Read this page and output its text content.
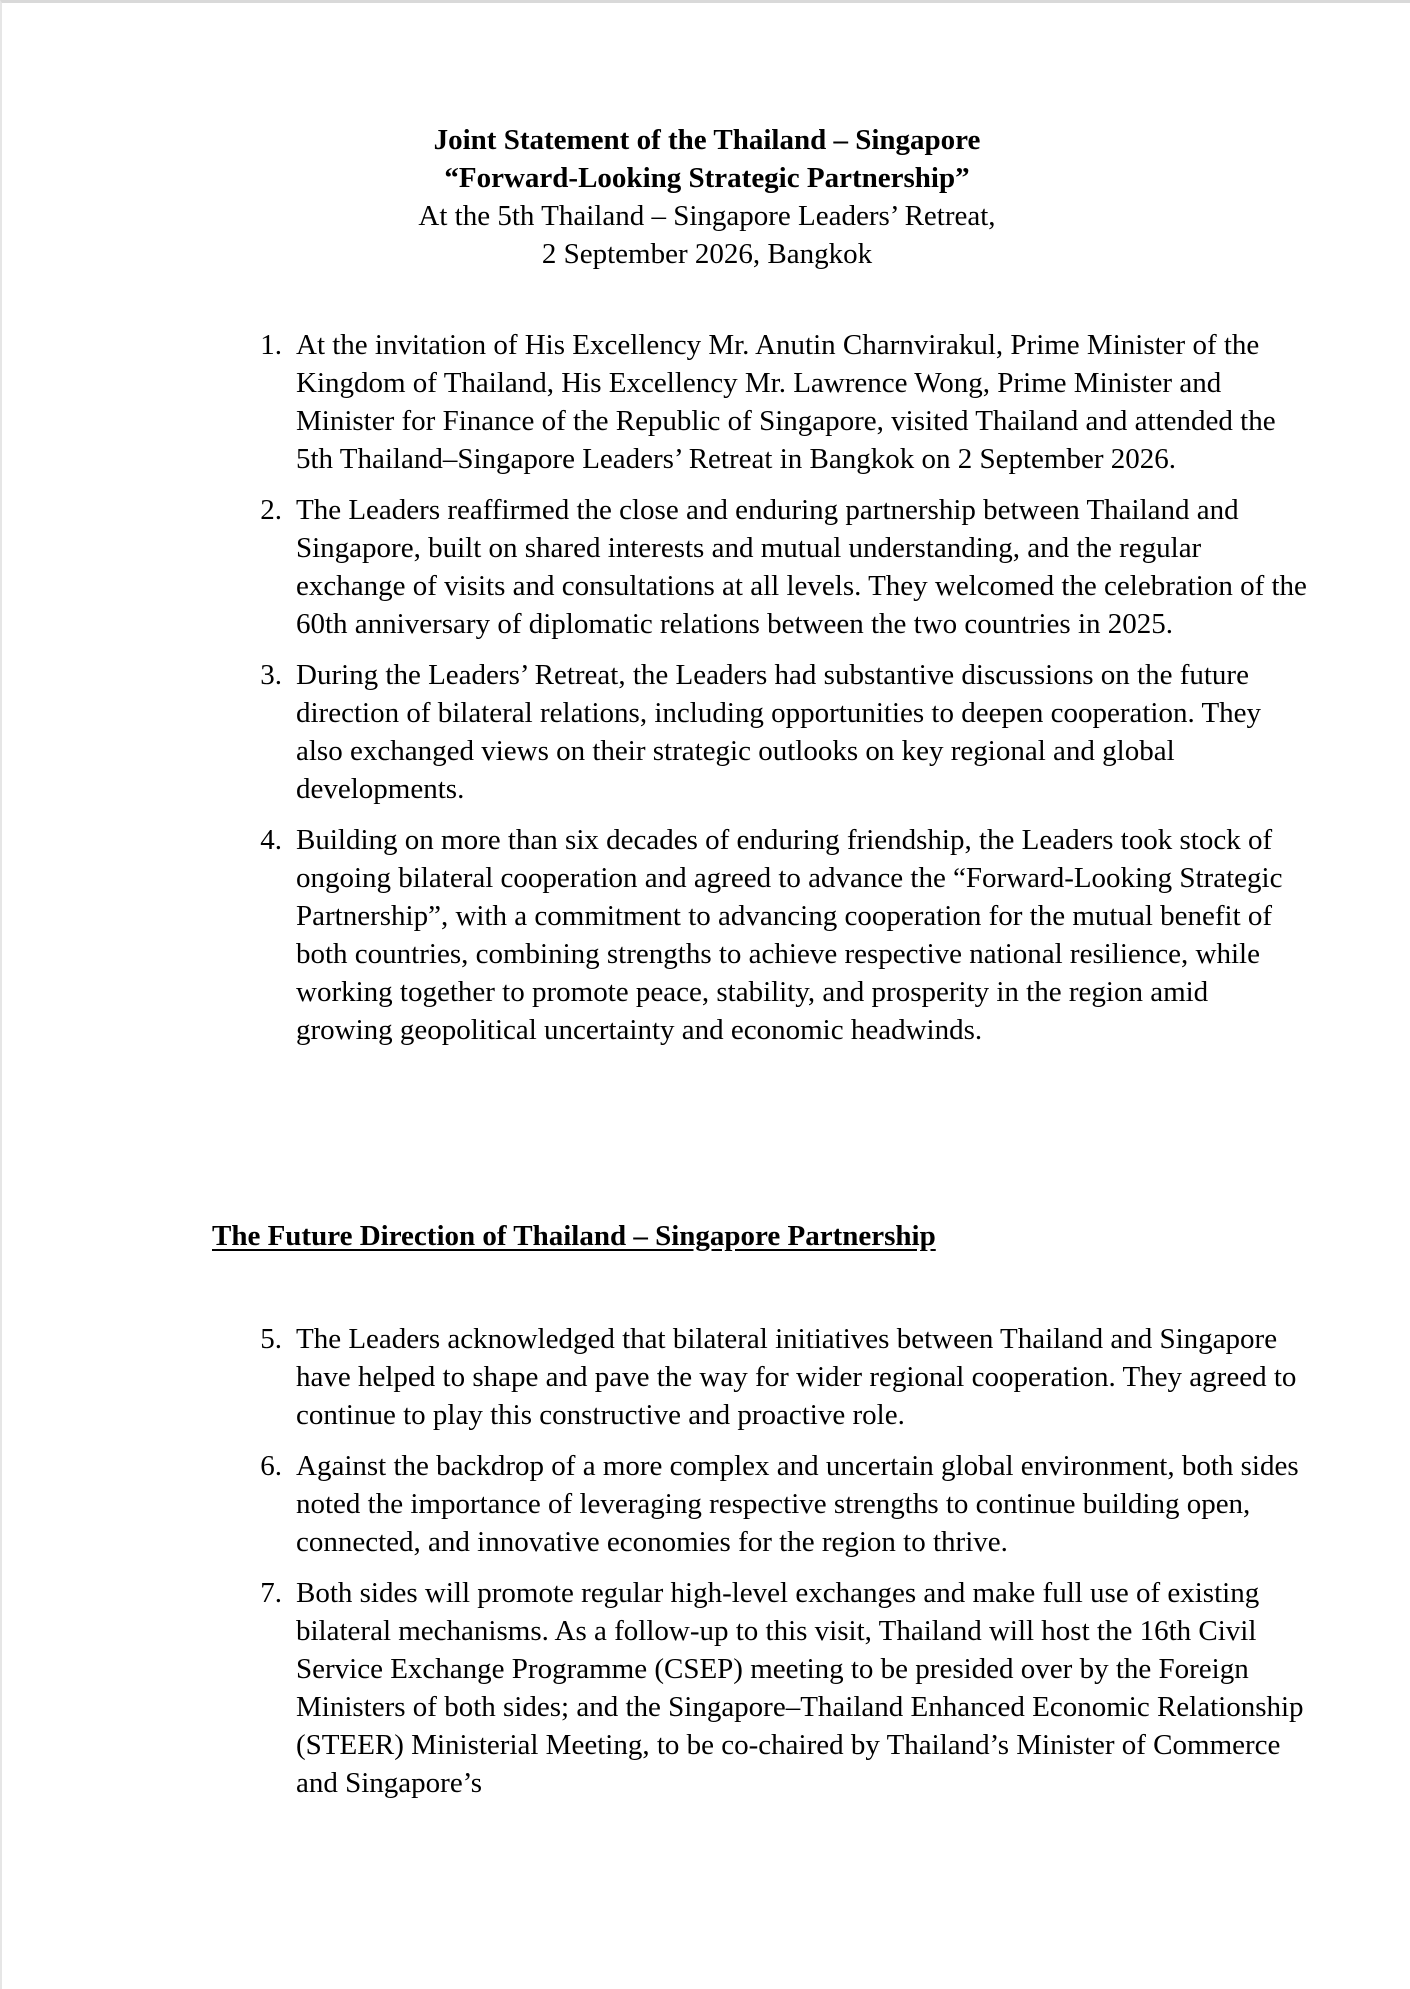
Joint Statement of the Thailand – Singapore
“Forward-Looking Strategic Partnership”
At the 5th Thailand – Singapore Leaders’ Retreat,
2 September 2026, Bangkok
1. At the invitation of His Excellency Mr. Anutin Charnvirakul, Prime Minister of the Kingdom of Thailand, His Excellency Mr. Lawrence Wong, Prime Minister and Minister for Finance of the Republic of Singapore, visited Thailand and attended the 5th Thailand–Singapore Leaders’ Retreat in Bangkok on 2 September 2026.
2. The Leaders reaffirmed the close and enduring partnership between Thailand and Singapore, built on shared interests and mutual understanding, and the regular exchange of visits and consultations at all levels. They welcomed the celebration of the 60th anniversary of diplomatic relations between the two countries in 2025.
3. During the Leaders’ Retreat, the Leaders had substantive discussions on the future direction of bilateral relations, including opportunities to deepen cooperation. They also exchanged views on their strategic outlooks on key regional and global developments.
4. Building on more than six decades of enduring friendship, the Leaders took stock of ongoing bilateral cooperation and agreed to advance the “Forward-Looking Strategic Partnership”, with a commitment to advancing cooperation for the mutual benefit of both countries, combining strengths to achieve respective national resilience, while working together to promote peace, stability, and prosperity in the region amid growing geopolitical uncertainty and economic headwinds.
The Future Direction of Thailand – Singapore Partnership
5. The Leaders acknowledged that bilateral initiatives between Thailand and Singapore have helped to shape and pave the way for wider regional cooperation. They agreed to continue to play this constructive and proactive role.
6. Against the backdrop of a more complex and uncertain global environment, both sides noted the importance of leveraging respective strengths to continue building open, connected, and innovative economies for the region to thrive.
7. Both sides will promote regular high-level exchanges and make full use of existing bilateral mechanisms. As a follow-up to this visit, Thailand will host the 16th Civil Service Exchange Programme (CSEP) meeting to be presided over by the Foreign Ministers of both sides; and the Singapore–Thailand Enhanced Economic Relationship (STEER) Ministerial Meeting, to be co-chaired by Thailand’s Minister of Commerce and Singapore’s
